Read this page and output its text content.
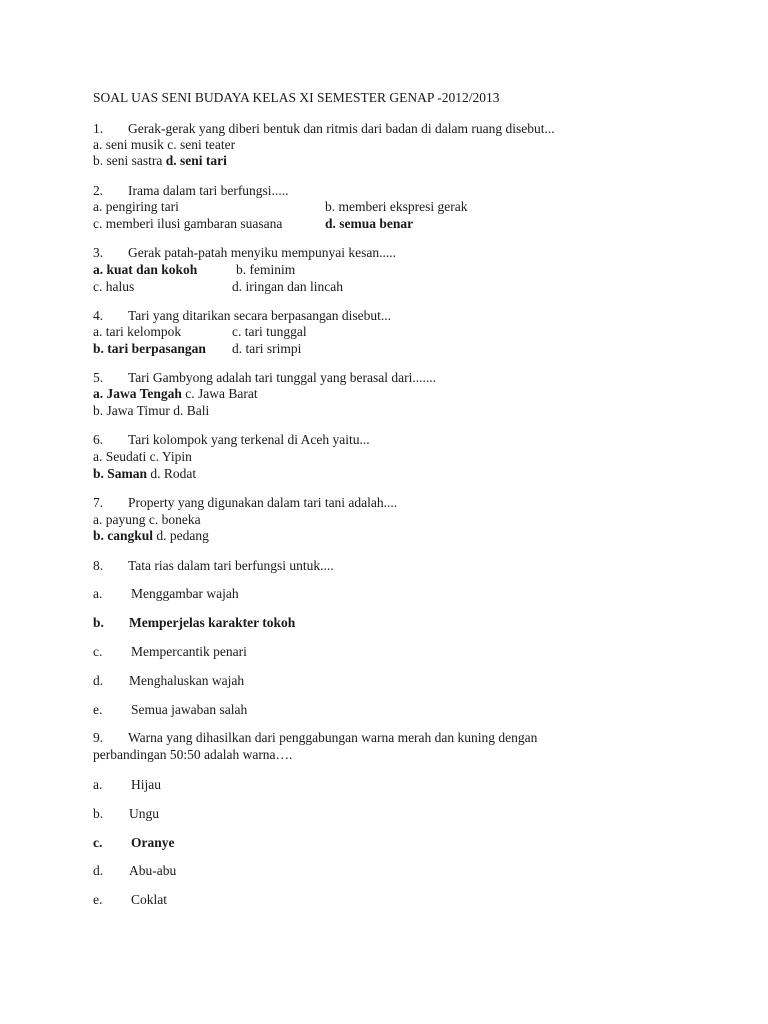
SOAL UAS SENI BUDAYA KELAS XI SEMESTER GENAP -2012/2013
1. Gerak-gerak yang diberi bentuk dan ritmis dari badan di dalam ruang disebut...
a. seni musik c. seni teater
b. seni sastra d. seni tari
2. Irama dalam tari berfungsi.....
a. pengiring tari	b. memberi ekspresi gerak
c. memberi ilusi gambaran suasana	d. semua benar
3. Gerak patah-patah menyiku mempunyai kesan.....
a. kuat dan kokoh	b. feminim
c. halus	d. iringan dan lincah
4. Tari yang ditarikan secara berpasangan disebut...
a. tari kelompok	c. tari tunggal
b. tari berpasangan d. tari srimpi
5. Tari Gambyong adalah tari tunggal yang berasal dari.......
a. Jawa Tengah c. Jawa Barat
b. Jawa Timur d. Bali
6. Tari kolompok yang terkenal di Aceh yaitu...
a. Seudati c. Yipin
b. Saman d. Rodat
7. Property yang digunakan dalam tari tani adalah....
a. payung c. boneka
b. cangkul d. pedang
8. Tata rias dalam tari berfungsi untuk....
a. Menggambar wajah
b. Memperjelas karakter tokoh
c. Mempercantik penari
d. Menghaluskan wajah
e. Semua jawaban salah
9. Warna yang dihasilkan dari penggabungan warna merah dan kuning dengan
perbandingan 50:50 adalah warna….
a. Hijau
b. Ungu
c. Oranye
d. Abu-abu
e. Coklat
